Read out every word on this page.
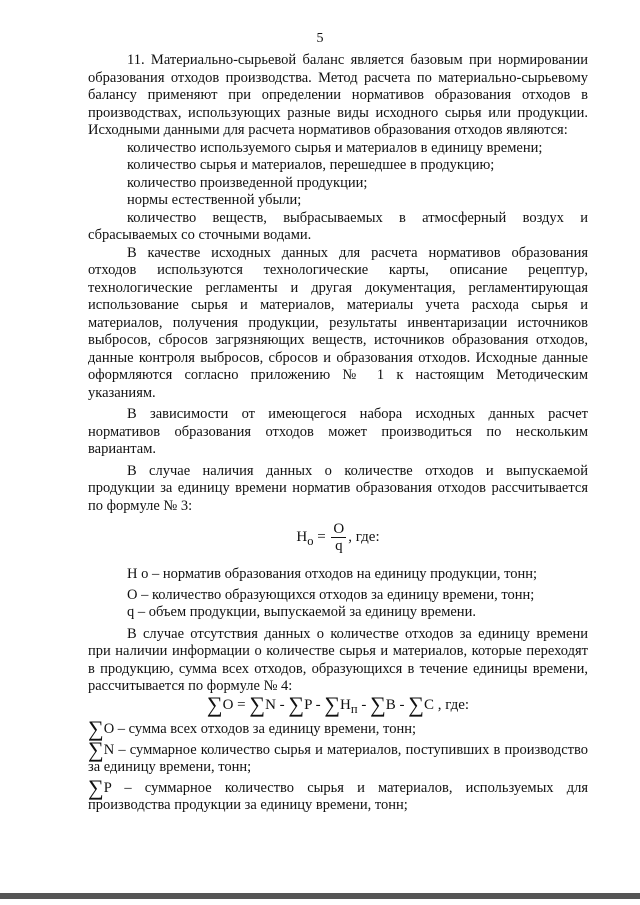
5

11. Материально-сырьевой баланс является базовым при нормировании образования отходов производства. Метод расчета по материально-сырьевому балансу применяют при определении нормативов образования отходов в производствах, использующих разные виды исходного сырья или продукции. Исходными данными для расчета нормативов образования отходов являются:

количество используемого сырья и материалов в единицу времени;

количество сырья и материалов, перешедшее в продукцию;

количество произведенной продукции;

нормы естественной убыли;

количество веществ, выбрасываемых в атмосферный воздух и сбрасываемых со сточными водами.

В качестве исходных данных для расчета нормативов образования отходов используются технологические карты, описание рецептур, технологические регламенты и другая документация, регламентирующая использование сырья и материалов, материалы учета расхода сырья и материалов, получения продукции, результаты инвентаризации источников выбросов, сбросов загрязняющих веществ, источников образования отходов, данные контроля выбросов, сбросов и образования отходов. Исходные данные оформляются согласно приложению № 1 к настоящим Методическим указаниям.

В зависимости от имеющегося набора исходных данных расчет нормативов образования отходов может производиться по нескольким вариантам.

В случае наличия данных о количестве отходов и выпускаемой продукции за единицу времени норматив образования отходов рассчитывается по формуле № 3:

$Н_о = \frac{О}{q}$ , где:

Н о – норматив образования отходов на единицу продукции, тонн;

О – количество образующихся отходов за единицу времени, тонн;

q – объем продукции, выпускаемой за единицу времени.

В случае отсутствия данных о количестве отходов за единицу времени при наличии информации о количестве сырья и материалов, которые переходят в продукцию, сумма всех отходов, образующихся в течение единицы времени, рассчитывается по формуле № 4:

$\sum О = \sum N - \sum P - \sum Н_п - \sum В - \sum С$ , где:

∑О – сумма всех отходов за единицу времени, тонн;

∑N – суммарное количество сырья и материалов, поступивших в производство за единицу времени, тонн;

∑P – суммарное количество сырья и материалов, используемых для производства продукции за единицу времени, тонн;
